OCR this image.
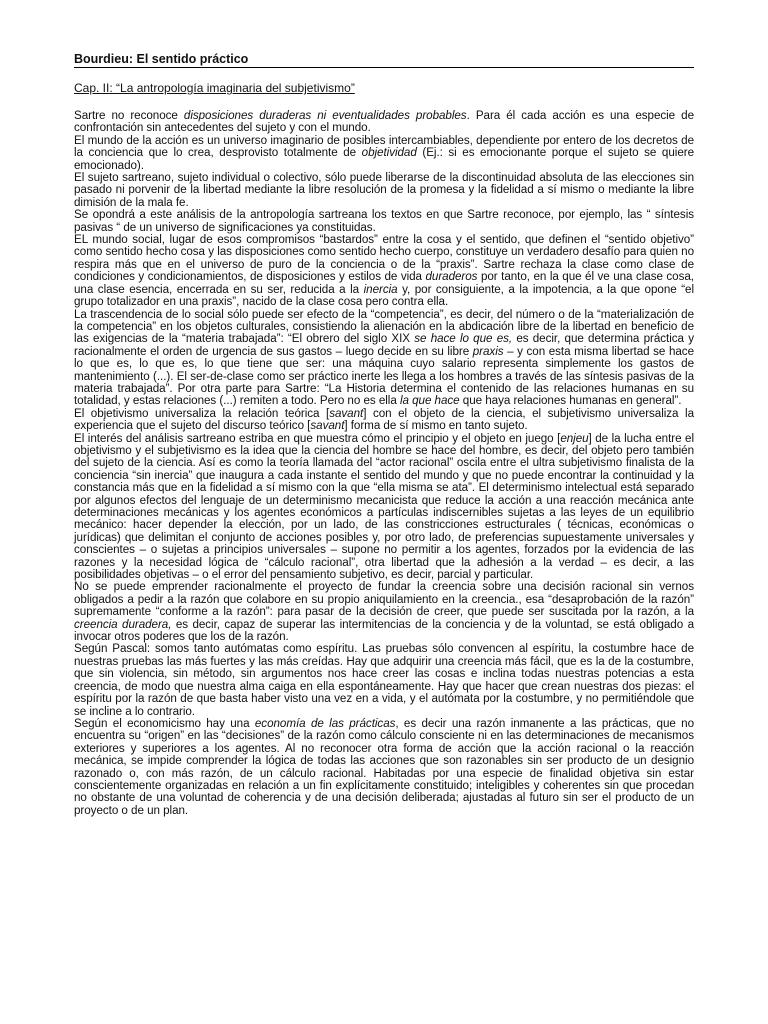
Bourdieu: El sentido práctico
Cap. II: “La antropología imaginaria del subjetivismo”

Sartre no reconoce disposiciones duraderas ni eventualidades probables. Para él cada acción es una especie de confrontación sin antecedentes del sujeto y con el mundo.

El mundo de la acción es un universo imaginario de posibles intercambiables, dependiente por entero de los decretos de la conciencia que lo crea, desprovisto totalmente de objetividad (Ej.: si es emocionante porque el sujeto se quiere emocionado).

El sujeto sartreano, sujeto individual o colectivo, sólo puede liberarse de la discontinuidad absoluta de las elecciones sin pasado ni porvenir de la libertad mediante la libre resolución de la promesa y la fidelidad a sí mismo o mediante la libre dimisión de la mala fe.

Se opondrá a este análisis de la antropología sartreana los textos en que Sartre reconoce, por ejemplo, las “ síntesis pasivas “ de un universo de significaciones ya constituidas.

EL mundo social, lugar de esos compromisos “bastardos” entre la cosa y el sentido, que definen el “sentido objetivo” como sentido hecho cosa y las disposiciones como sentido hecho cuerpo, constituye un verdadero desafío para quien no respira más que en el universo de puro de la conciencia o de la “praxis”. Sartre rechaza la clase como clase de condiciones y condicionamientos, de disposiciones y estilos de vida duraderos por tanto, en la que él ve una clase cosa, una clase esencia, encerrada en su ser, reducida a la inercia y, por consiguiente, a la impotencia, a la que opone “el grupo totalizador en una praxis”, nacido de la clase cosa pero contra ella.

La trascendencia de lo social sólo puede ser efecto de la “competencia”, es decir, del número o de la “materialización de la competencia” en los objetos culturales, consistiendo la alienación en la abdicación libre de la libertad en beneficio de las exigencias de la “materia trabajada”: “El obrero del siglo XIX se hace lo que es, es decir, que determina práctica y racionalmente el orden de urgencia de sus gastos – luego decide en su libre praxis – y con esta misma libertad se hace lo que es, lo que es, lo que tiene que ser: una máquina cuyo salario representa simplemente los gastos de mantenimiento (...). El ser-de-clase como ser práctico inerte les llega a los hombres a través de las síntesis pasivas de la materia trabajada”. Por otra parte para Sartre: “La Historia determina el contenido de las relaciones humanas en su totalidad, y estas relaciones (...) remiten a todo. Pero no es ella la que hace que haya relaciones humanas en general”.

El objetivismo universaliza la relación teórica [savant] con el objeto de la ciencia, el subjetivismo universaliza la experiencia que el sujeto del discurso teórico [savant] forma de sí mismo en tanto sujeto.

El interés del análisis sartreano estriba en que muestra cómo el principio y el objeto en juego [enjeu] de la lucha entre el objetivismo y el subjetivismo es la idea que la ciencia del hombre se hace del hombre, es decir, del objeto pero también del sujeto de la ciencia. Así es como la teoría llamada del “actor racional” oscila entre el ultra subjetivismo finalista de la conciencia “sin inercia” que inaugura a cada instante el sentido del mundo y que no puede encontrar la continuidad y la constancia más que en la fidelidad a sí mismo con la que “ella misma se ata”. El determinismo intelectual está separado por algunos efectos del lenguaje de un determinismo mecanicista que reduce la acción a una reacción mecánica ante determinaciones mecánicas y los agentes económicos a partículas indiscernibles sujetas a las leyes de un equilibrio mecánico: hacer depender la elección, por un lado, de las constricciones estructurales ( técnicas, económicas o jurídicas) que delimitan el conjunto de acciones posibles y, por otro lado, de preferencias supuestamente universales y conscientes – o sujetas a principios universales – supone no permitir a los agentes, forzados por la evidencia de las razones y la necesidad lógica de “cálculo racional”, otra libertad que la adhesión a la verdad – es decir, a las posibilidades objetivas – o el error del pensamiento subjetivo, es decir, parcial y particular.

No se puede emprender racionalmente el proyecto de fundar la creencia sobre una decisión racional sin vernos obligados a pedir a la razón que colabore en su propio aniquilamiento en la creencia., esa “desaprobación de la razón” supremamente “conforme a la razón”: para pasar de la decisión de creer, que puede ser suscitada por la razón, a la creencia duradera, es decir, capaz de superar las intermitencias de la conciencia y de la voluntad, se está obligado a invocar otros poderes que los de la razón.

Según Pascal: somos tanto autómatas como espíritu. Las pruebas sólo convencen al espíritu, la costumbre hace de nuestras pruebas las más fuertes y las más creídas. Hay que adquirir una creencia más fácil, que es la de la costumbre, que sin violencia, sin método, sin argumentos nos hace creer las cosas e inclina todas nuestras potencias a esta creencia, de modo que nuestra alma caiga en ella espontáneamente. Hay que hacer que crean nuestras dos piezas: el espíritu por la razón de que basta haber visto una vez en a vida, y el autómata por la costumbre, y no permitiéndole que se incline a lo contrario.

Según el economicismo hay una economía de las prácticas, es decir una razón inmanente a las prácticas, que no encuentra su “origen” en las “decisiones” de la razón como cálculo consciente ni en las determinaciones de mecanismos exteriores y superiores a los agentes. Al no reconocer otra forma de acción que la acción racional o la reacción mecánica, se impide comprender la lógica de todas las acciones que son razonables sin ser producto de un designio razonado o, con más razón, de un cálculo racional. Habitadas por una especie de finalidad objetiva sin estar conscientemente organizadas en relación a un fin explícitamente constituido; inteligibles y coherentes sin que procedan no obstante de una voluntad de coherencia y de una decisión deliberada; ajustadas al futuro sin ser el producto de un proyecto o de un plan.
